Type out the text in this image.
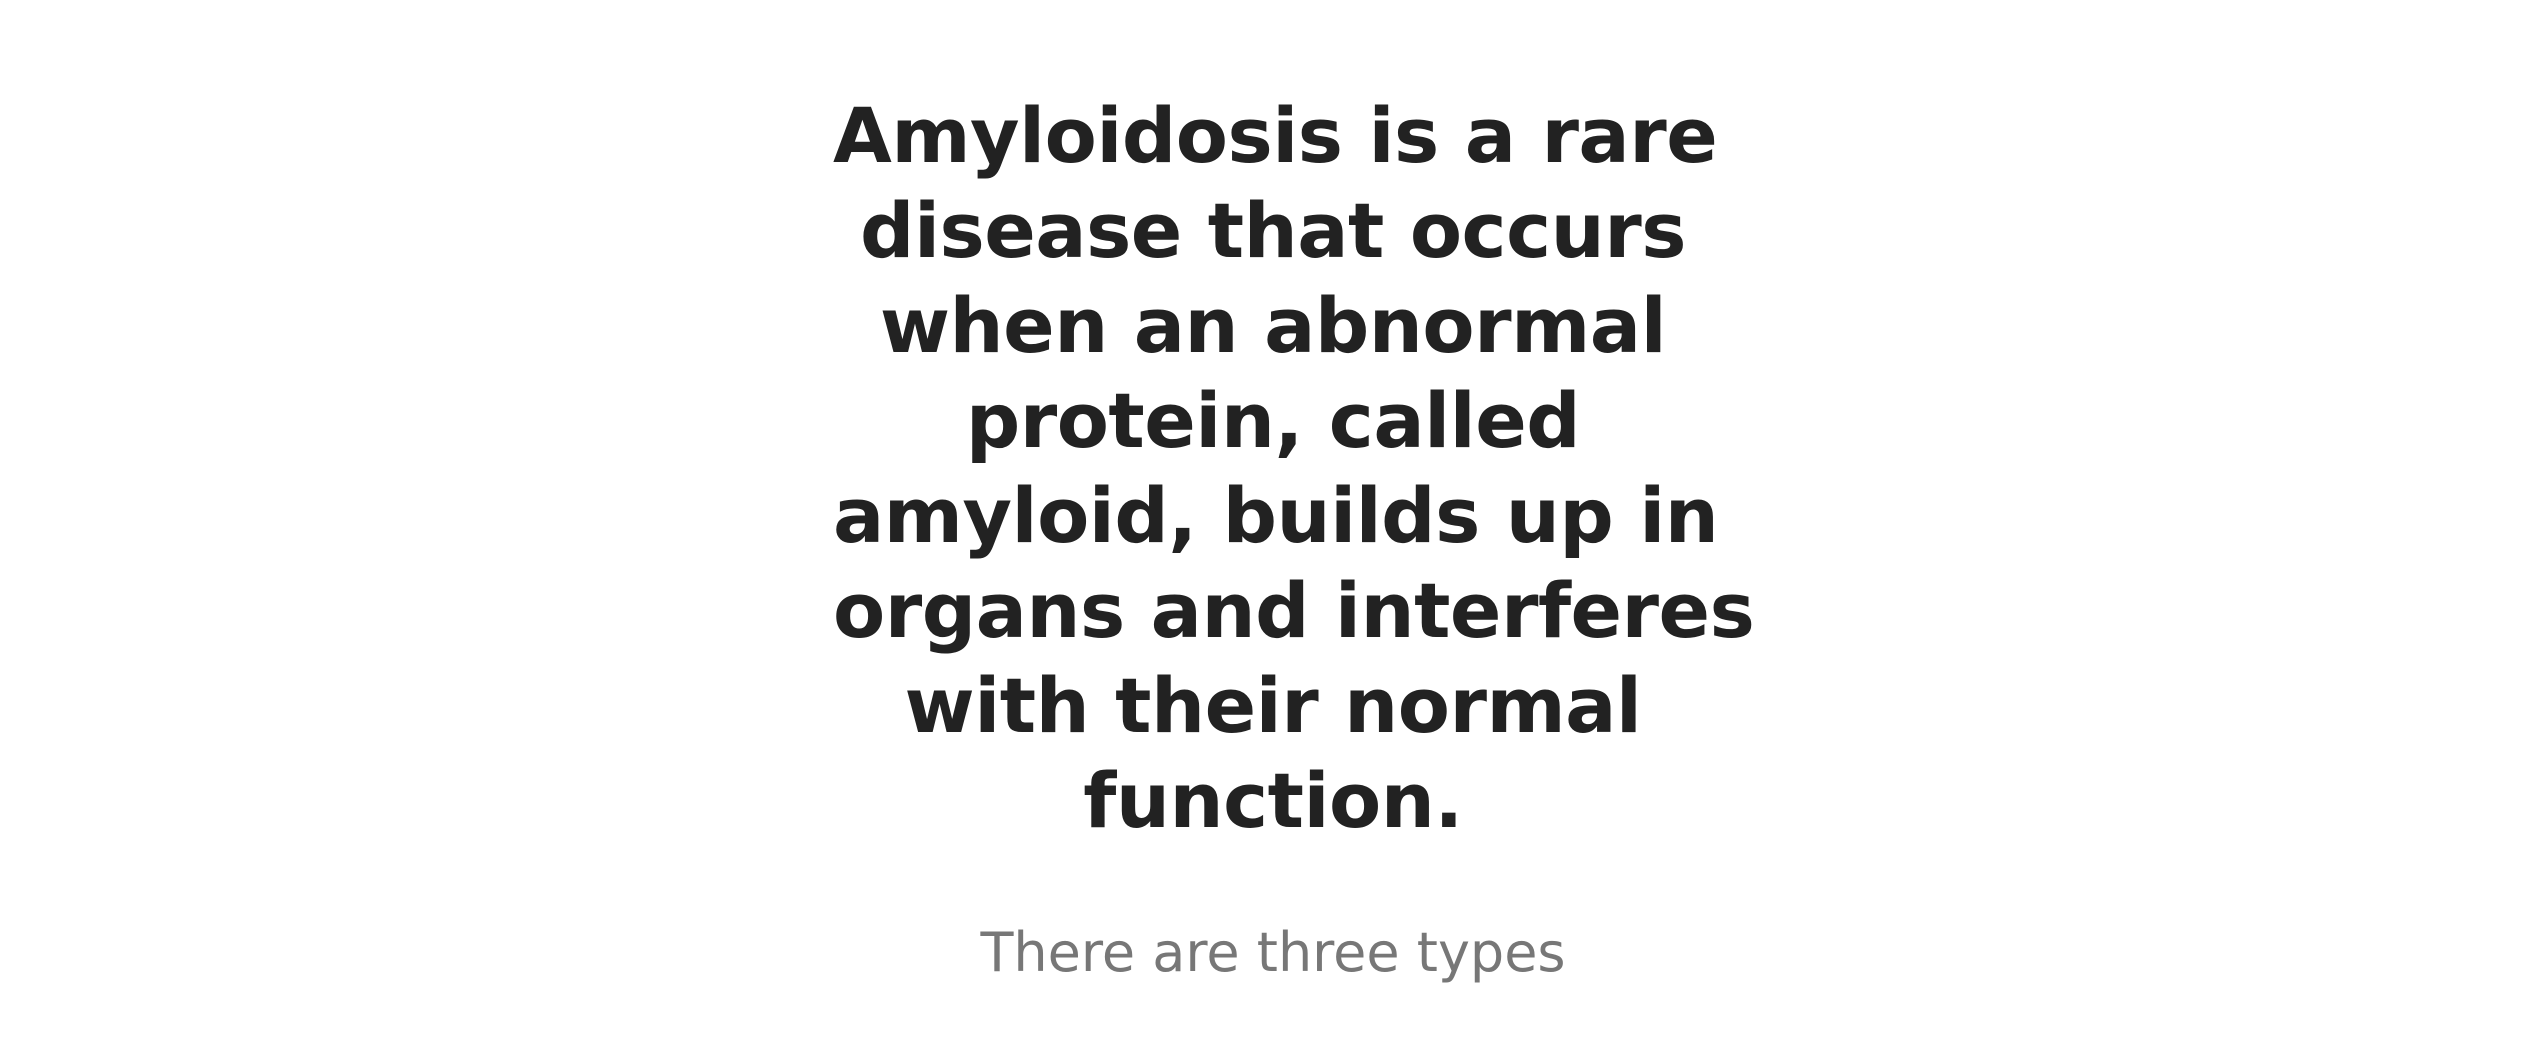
Amyloidosis is a rare
disease that occurs
when an abnormal
protein, called
amyloid, builds up in
organs and interferes
with their normal
function.

There are three types
